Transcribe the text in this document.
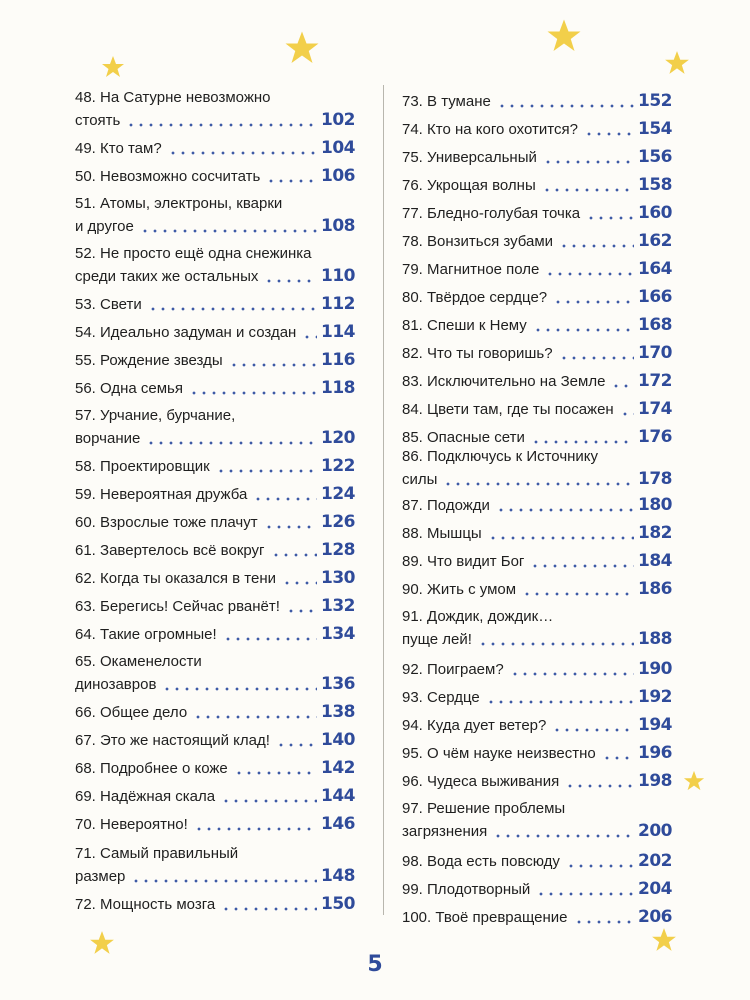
48. На Сатурне невозможно
стоять	102
49. Кто там?	104
50. Невозможно сосчитать	106
51. Атомы, электроны, кварки
и другое	108
52. Не просто ещё одна снежинка
среди таких же остальных	110
53. Свети	112
54. Идеально задуман и создан 114
55. Рождение звезды	116
56. Одна семья	118
57. Урчание, бурчание,
ворчание	120
58. Проектировщик	122
59. Невероятная дружба	124
60. Взрослые тоже плачут	126
61. Завертелось всё вокруг	128
62. Когда ты оказался в тени	130
63. Берегись! Сейчас рванёт! 132
64. Такие огромные!	134
65. Окаменелости
динозавров	136
66. Общее дело	138
67. Это же настоящий клад!	140
68. Подробнее о коже	142
69. Надёжная скала	144
70. Невероятно!	146
71. Самый правильный
размер	148
72. Мощность мозга	150
73. В тумане	152
74. Кто на кого охотится?	154
75. Универсальный	156
76. Укрощая волны	158
77. Бледно-голубая точка	160
78. Вонзиться зубами	162
79. Магнитное поле	164
80. Твёрдое сердце?	166
81. Спеши к Нему	168
82. Что ты говоришь?	170
83. Исключительно на Земле 172
84. Цвети там, где ты посажен 174
85. Опасные сети	176
86. Подключусь к Источнику
силы	178
87. Подожди	180
88. Мышцы	182
89. Что видит Бог	184
90. Жить с умом	186
91. Дождик, дождик…
пуще лей!	188
92. Поиграем?	190
93. Сердце	192
94. Куда дует ветер?	194
95. О чём науке неизвестно 196
96. Чудеса выживания	198
97. Решение проблемы
загрязнения	200
98. Вода есть повсюду	202
99. Плодотворный	204
100. Твоё превращение	206
5
